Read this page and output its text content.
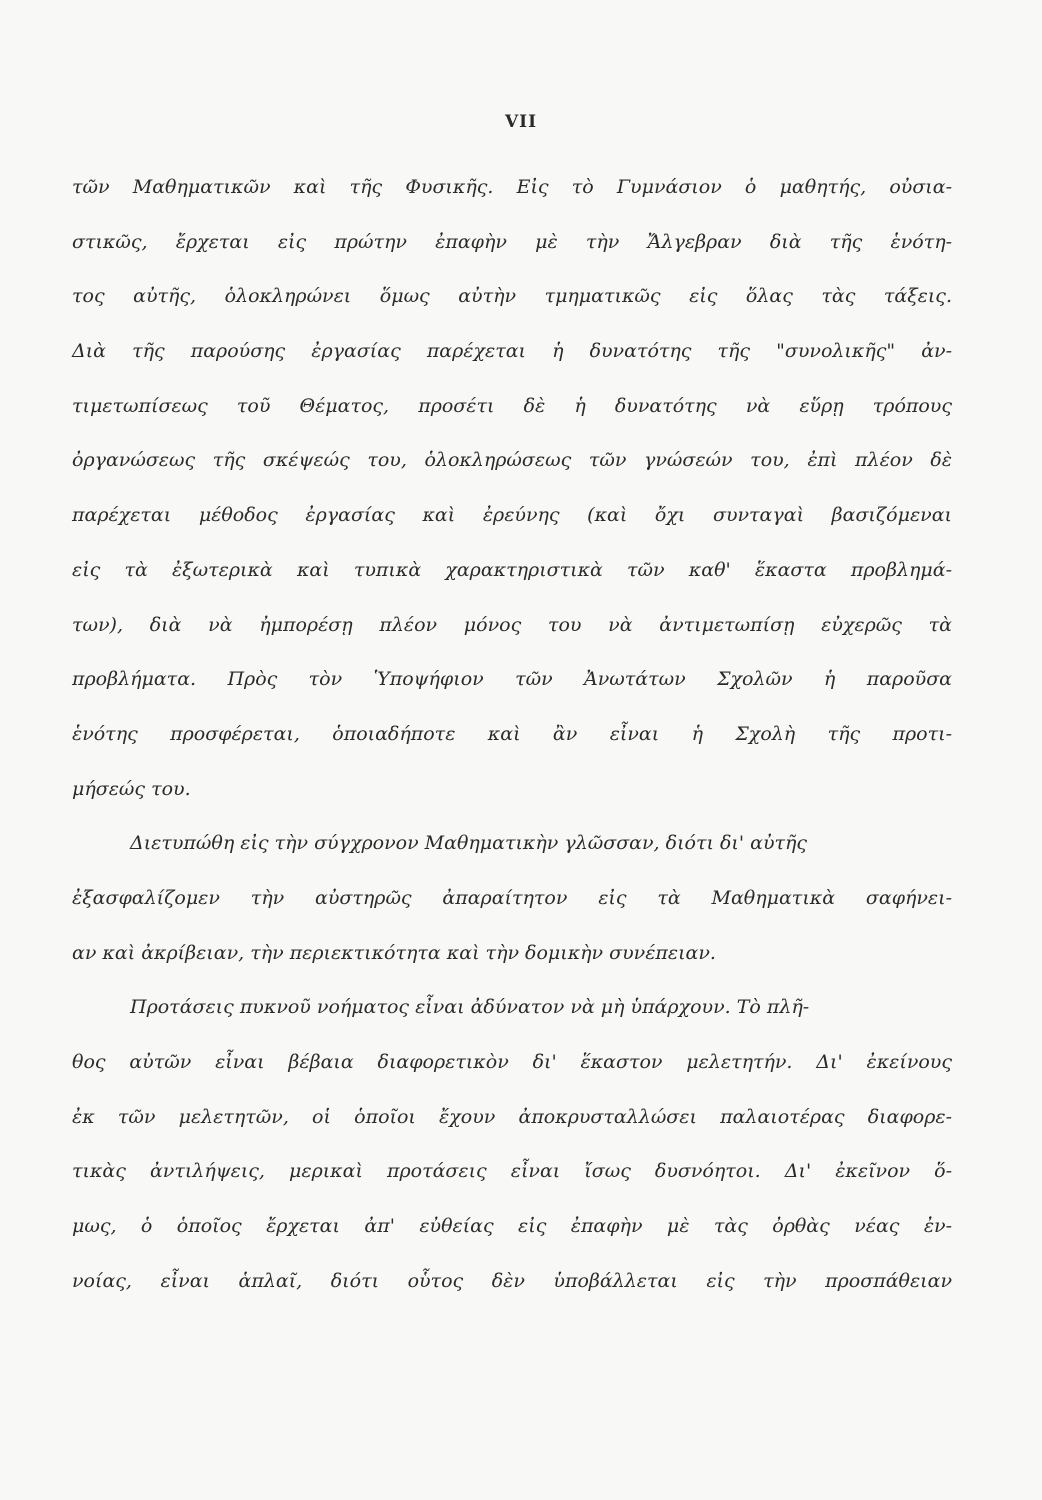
VII
τῶν Μαθηματικῶν καὶ τῆς Φυσικῆς. Εἰς τὸ Γυμνάσιον ὁ μαθητής, οὐσια-
στικῶς, ἔρχεται εἰς πρώτην ἐπαφὴν μὲ τὴν Ἄλγεβραν διὰ τῆς ἑνότη-
τος αὐτῆς, ὁλοκληρώνει ὅμως αὐτὴν τμηματικῶς εἰς ὅλας τὰς τάξεις.
Διὰ τῆς παρούσης ἐργασίας παρέχεται ἡ δυνατότης τῆς "συνολικῆς" ἀν-
τιμετωπίσεως τοῦ Θέματος, προσέτι δὲ ἡ δυνατότης νὰ εὕρῃ τρόπους
ὀργανώσεως τῆς σκέψεώς του, ὁλοκληρώσεως τῶν γνώσεών του, ἐπὶ πλέον δὲ
παρέχεται μέθοδος ἐργασίας καὶ ἐρεύνης (καὶ ὄχι συνταγαὶ βασιζόμεναι
εἰς τὰ ἐξωτερικὰ καὶ τυπικὰ χαρακτηριστικὰ τῶν καθ' ἕκαστα προβλημά-
των), διὰ νὰ ἠμπορέσῃ πλέον μόνος του νὰ ἀντιμετωπίσῃ εὐχερῶς τὰ
προβλήματα. Πρὸς τὸν Ὑποψήφιον τῶν Ἀνωτάτων Σχολῶν ἡ παροῦσα
ἑνότης προσφέρεται, ὁποιαδήποτε καὶ ἂν εἶναι ἡ Σχολὴ τῆς προτι-
μήσεώς του.
Διετυπώθη εἰς τὴν σύγχρονον Μαθηματικὴν γλῶσσαν, διότι δι' αὐτῆς
ἐξασφαλίζομεν τὴν αὐστηρῶς ἀπαραίτητον εἰς τὰ Μαθηματικὰ σαφήνει-
αν καὶ ἀκρίβειαν, τὴν περιεκτικότητα καὶ τὴν δομικὴν συνέπειαν.
Προτάσεις πυκνοῦ νοήματος εἶναι ἀδύνατον νὰ μὴ ὑπάρχουν. Τὸ πλῆ-
θος αὐτῶν εἶναι βέβαια διαφορετικὸν δι' ἕκαστον μελετητήν. Δι' ἐκείνους
ἐκ τῶν μελετητῶν, οἱ ὁποῖοι ἔχουν ἀποκρυσταλλώσει παλαιοτέρας διαφορε-
τικὰς ἀντιλήψεις, μερικαὶ προτάσεις εἶναι ἴσως δυσνόητοι. Δι' ἐκεῖνον ὅ-
μως, ὁ ὁποῖος ἔρχεται ἀπ' εὐθείας εἰς ἐπαφὴν μὲ τὰς ὀρθὰς νέας ἐν-
νοίας, εἶναι ἁπλαῖ, διότι οὗτος δὲν ὑποβάλλεται εἰς τὴν προσπάθειαν
